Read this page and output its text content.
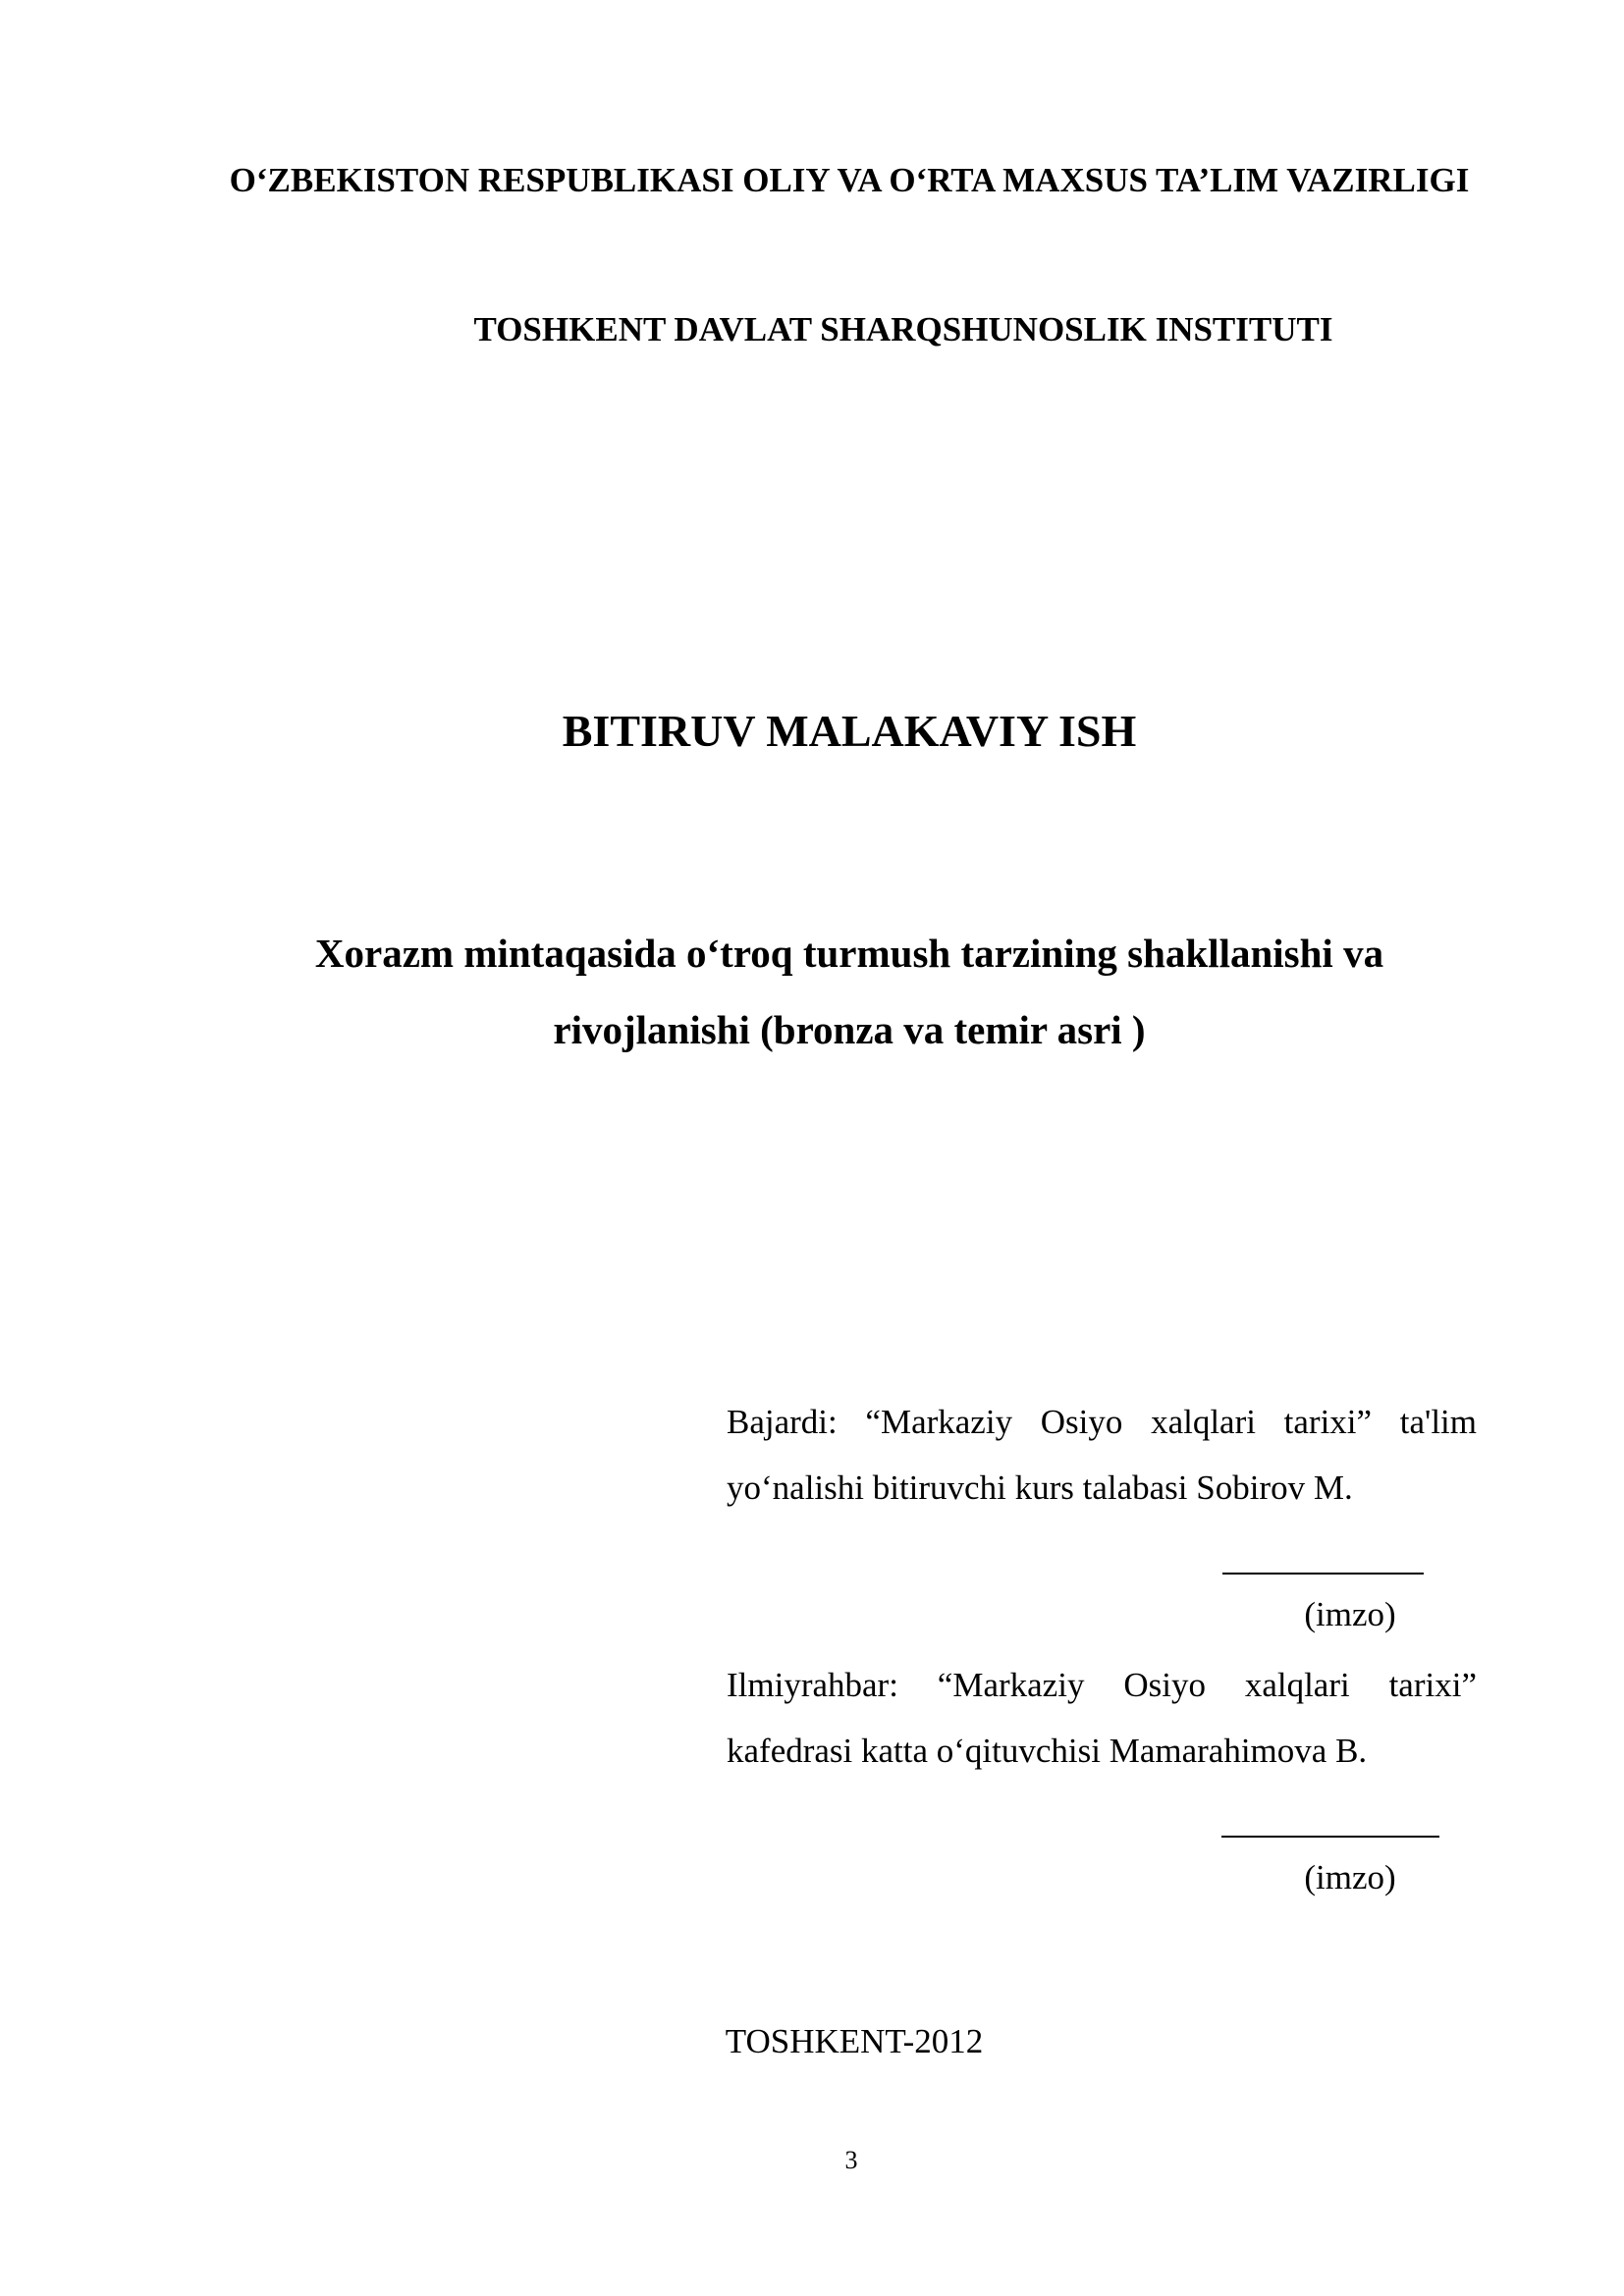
O‘ZBEKISTON RESPUBLIKASI OLIY VA O‘RTA MAXSUS TA’LIM VAZIRLIGI
TOSHKENT DAVLAT SHARQSHUNOSLIK INSTITUTI
BITIRUV MALAKAVIY ISH
Xorazm mintaqasida o‘troq turmush tarzining shakllanishi va
rivojlanishi (bronza va temir asri )
Bajardi: “Markaziy Osiyo xalqlari tarixi” ta'lim yo‘nalishi bitiruvchi kurs talabasi Sobirov M.
(imzo)
Ilmiyrahbar: “Markaziy Osiyo xalqlari tarixi” kafedrasi katta o‘qituvchisi Mamarahimova B.
(imzo)
TOSHKENT-2012
3
